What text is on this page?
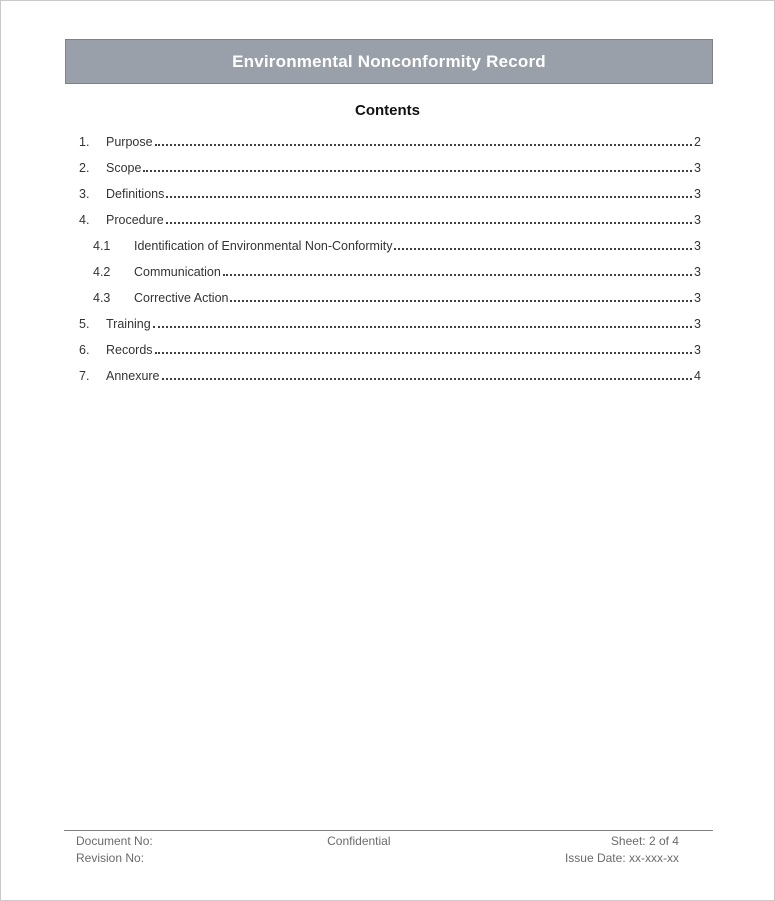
Environmental Nonconformity Record
Contents
1.	Purpose	2
2.	Scope	3
3.	Definitions	3
4.	Procedure	3
4.1	Identification of Environmental Non-Conformity	3
4.2	Communication	3
4.3	Corrective Action	3
5.	Training	3
6.	Records	3
7.	Annexure	4
Document No:
Revision No:
Confidential	Sheet: 2 of 4
Issue Date: xx-xxx-xx
